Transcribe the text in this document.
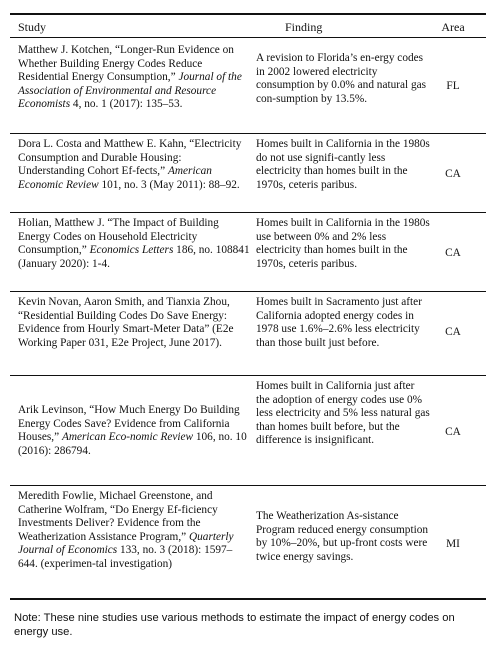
Study	Finding	Area
Matthew J. Kotchen, “Longer-Run Evidence on Whether Building Energy Codes Reduce Residential Energy Consumption,” Journal of the Association of Environmental and Resource Economists 4, no. 1 (2017): 135–53.
A revision to Florida’s en-ergy codes in 2002 lowered electricity consumption by 0.0% and natural gas con-sumption by 13.5%.
FL
Dora L. Costa and Matthew E. Kahn, “Electricity Consumption and Durable Housing: Understanding Cohort Ef-fects,” American Economic Review 101, no. 3 (May 2011): 88–92.
Homes built in California in the 1980s do not use signifi-cantly less electricity than homes built in the 1970s, ceteris paribus.
CA
Holian, Matthew J. “The Impact of Building Energy Codes on Household Electricity Consumption,” Economics Letters 186, no. 108841 (January 2020): 1-4.
Homes built in California in the 1980s use between 0% and 2% less electricity than homes built in the 1970s, ceteris paribus.
CA
Kevin Novan, Aaron Smith, and Tianxia Zhou, “Residential Building Codes Do Save Energy: Evidence from Hourly Smart-Meter Data” (E2e Working Paper 031, E2e Project, June 2017).
Homes built in Sacramento just after California adopted energy codes in 1978 use 1.6%–2.6% less electricity than those built just before.
CA
Arik Levinson, “How Much Energy Do Building Energy Codes Save? Evidence from California Houses,” American Eco-nomic Review 106, no. 10 (2016): 286794.
Homes built in California just after the adoption of energy codes use 0% less electricity and 5% less natural gas than homes built before, but the difference is insignificant.
CA
Meredith Fowlie, Michael Greenstone, and Catherine Wolfram, “Do Energy Ef-ficiency Investments Deliver? Evidence from the Weatherization Assistance Program,” Quarterly Journal of Economics 133, no. 3 (2018): 1597–644. (experimen-tal investigation)
The Weatherization As-sistance Program reduced energy consumption by 10%–20%, but up-front costs were twice energy savings.
MI
Note: These nine studies use various methods to estimate the impact of energy codes on energy use.
